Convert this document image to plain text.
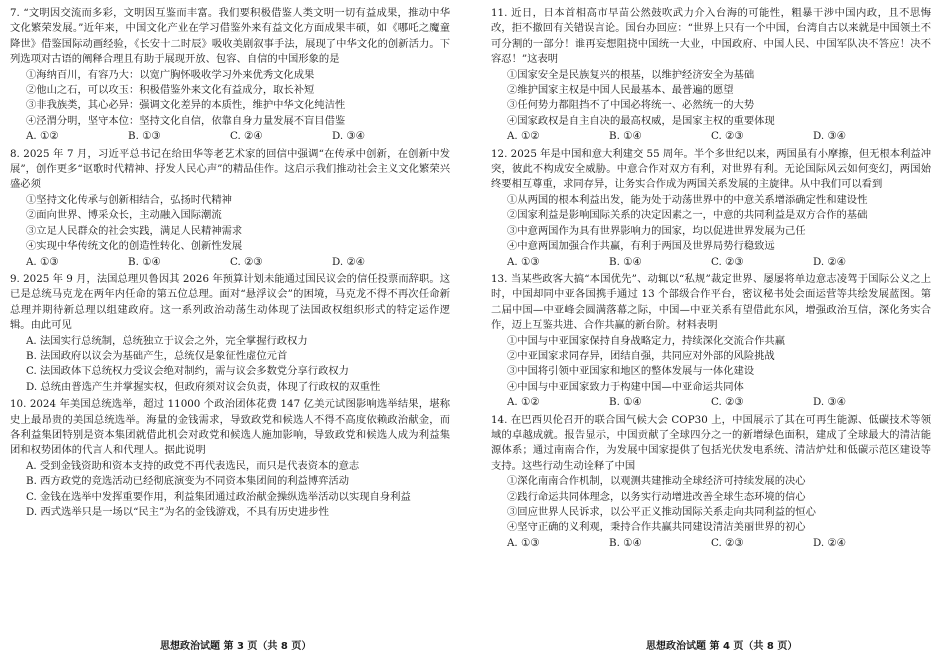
7. “文明因交流而多彩，文明因互鉴而丰富。我们要积极借鉴人类文明一切有益成果，推动中华文化繁荣发展。”近年来，中国文化产业在学习借鉴外来有益文化方面成果丰硕，如《哪吒之魔童降世》借鉴国际动画经验，《长安十二时辰》吸收美剧叙事手法，展现了中华文化的创新活力。下列选项对古语的阐释合理且有助于展现开放、包容、自信的中国形象的是
①海纳百川，有容乃大：以宽广胸怀吸收学习外来优秀文化成果
②他山之石，可以攻玉：积极借鉴外来文化有益成分，取长补短
③非我族类，其心必异：强调文化差异的本质性，维护中华文化纯洁性
④泾渭分明，坚守本位：坚持文化自信，依靠自身力量发展不盲目借鉴
A. ①②	B. ①③	C. ②④	D. ③④
8. 2025 年 7 月，习近平总书记在给田华等老艺术家的回信中强调“在传承中创新，在创新中发展”，创作更多“讴歌时代精神、抒发人民心声”的精品佳作。这启示我们推动社会主义文化繁荣兴盛必须
①坚持文化传承与创新相结合，弘扬时代精神
②面向世界、博采众长，主动融入国际潮流
③立足人民群众的社会实践，满足人民精神需求
④实现中华传统文化的创造性转化、创新性发展
A. ①③	B. ①④	C. ②③	D. ②④
9. 2025 年 9 月，法国总理贝鲁因其 2026 年预算计划未能通过国民议会的信任投票而辞职。这已是总统马克龙在两年内任命的第五位总理。面对“悬浮议会”的困境，马克龙不得不再次任命新总理并期待新总理以组建政府。这一系列政治动荡生动体现了法国政权组织形式的特定运作逻辑。由此可见
A. 法国实行总统制，总统独立于议会之外，完全掌握行政权力
B. 法国政府以议会为基础产生，总统仅是象征性虚位元首
C. 法国政体下总统权力受议会绝对制约，需与议会多数党分享行政权力
D. 总统由普选产生并掌握实权，但政府须对议会负责，体现了行政权的双重性
10. 2024 年美国总统选举，超过 11000 个政治团体花费 147 亿美元试图影响选举结果，堪称史上最昂贵的美国总统选举。海量的金钱需求，导致政党和候选人不得不高度依赖政治献金，而各利益集团特别是资本集团就借此机会对政党和候选人施加影响，导致政党和候选人成为利益集团和权势团体的代言人和代理人。据此说明
A. 受到金钱资助和资本支持的政党不再代表选民，而只是代表资本的意志
B. 西方政党的竞选活动已经彻底演变为不同资本集团间的利益博弈活动
C. 金钱在选举中发挥重要作用，利益集团通过政治献金操纵选举活动以实现自身利益
D. 西式选举只是一场以“民主”为名的金钱游戏，不具有历史进步性
11. 近日，日本首相高市早苗公然鼓吹武力介入台海的可能性，粗暴干涉中国内政，且不思悔改，拒不撤回有关错误言论。国台办回应：“世界上只有一个中国，台湾自古以来就是中国领土不可分割的一部分！谁再妄想阻挠中国统一大业，中国政府、中国人民、中国军队决不答应！决不容忍！”这表明
①国家安全是民族复兴的根基，以维护经济安全为基础
②维护国家主权是中国人民最基本、最普遍的愿望
③任何势力都阻挡不了中国必将统一、必然统一的大势
④国家政权是自主自决的最高权威，是国家主权的重要体现
A. ①②	B. ①④	C. ②③	D. ③④
12. 2025 年是中国和意大利建交 55 周年。半个多世纪以来，两国虽有小摩擦，但无根本利益冲突，彼此不构成安全威胁。中意合作对双方有利，对世界有利。无论国际风云如何变幻，两国始终要相互尊重，求同存异，让务实合作成为两国关系发展的主旋律。从中我们可以看到
①从两国的根本利益出发，能为处于动荡世界中的中意关系增添确定性和建设性
②国家利益是影响国际关系的决定因素之一，中意的共同利益是双方合作的基础
③中意两国作为具有世界影响力的国家，均以促进世界发展为己任
④中意两国加强合作共赢，有利于两国及世界局势行稳致远
A. ①③	B. ①④	C. ②③	D. ②④
13. 当某些政客大搞“本国优先”、动辄以“私规”裁定世界、屡屡将单边意志凌驾于国际公义之上时，中国却同中亚各国携手通过 13 个部级合作平台，密议秘书处会面运营等共绘发展蓝图。第二届中国—中亚峰会圆满落幕之际，中国—中亚关系有望借此东风，增强政治互信，深化务实合作，迈上互鉴共进、合作共赢的新台阶。材料表明
①中国与中亚国家保持自身战略定力，持续深化交流合作共赢
②中亚国家求同存异，团结自强，共同应对外部的风险挑战
③中国将引领中亚国家和地区的整体发展与一体化建设
④中国与中亚国家致力于构建中国—中亚命运共同体
A. ①②	B. ①④	C. ②③	D. ③④
14. 在巴西贝伦召开的联合国气候大会 COP30 上，中国展示了其在可再生能源、低碳技术等领域的卓越成就。报告显示，中国贡献了全球四分之一的新增绿色面积，建成了全球最大的清洁能源体系；通过南南合作，为发展中国家提供了包括光伏发电系统、清洁炉灶和低碳示范区建设等支持。这些行动生动诠释了中国
①深化南南合作机制，以观测共建推动全球经济可持续发展的决心
②践行命运共同体理念，以务实行动增进改善全球生态环境的信心
③回应世界人民诉求，以公平正义推动国际关系走向共同利益的恒心
④坚守正确的义利观，秉持合作共赢共同建设清洁美丽世界的初心
A. ①③	B. ①④	C. ②③	D. ②④
思想政治试题 第 3 页（共 8 页）	思想政治试题 第 4 页（共 8 页）
